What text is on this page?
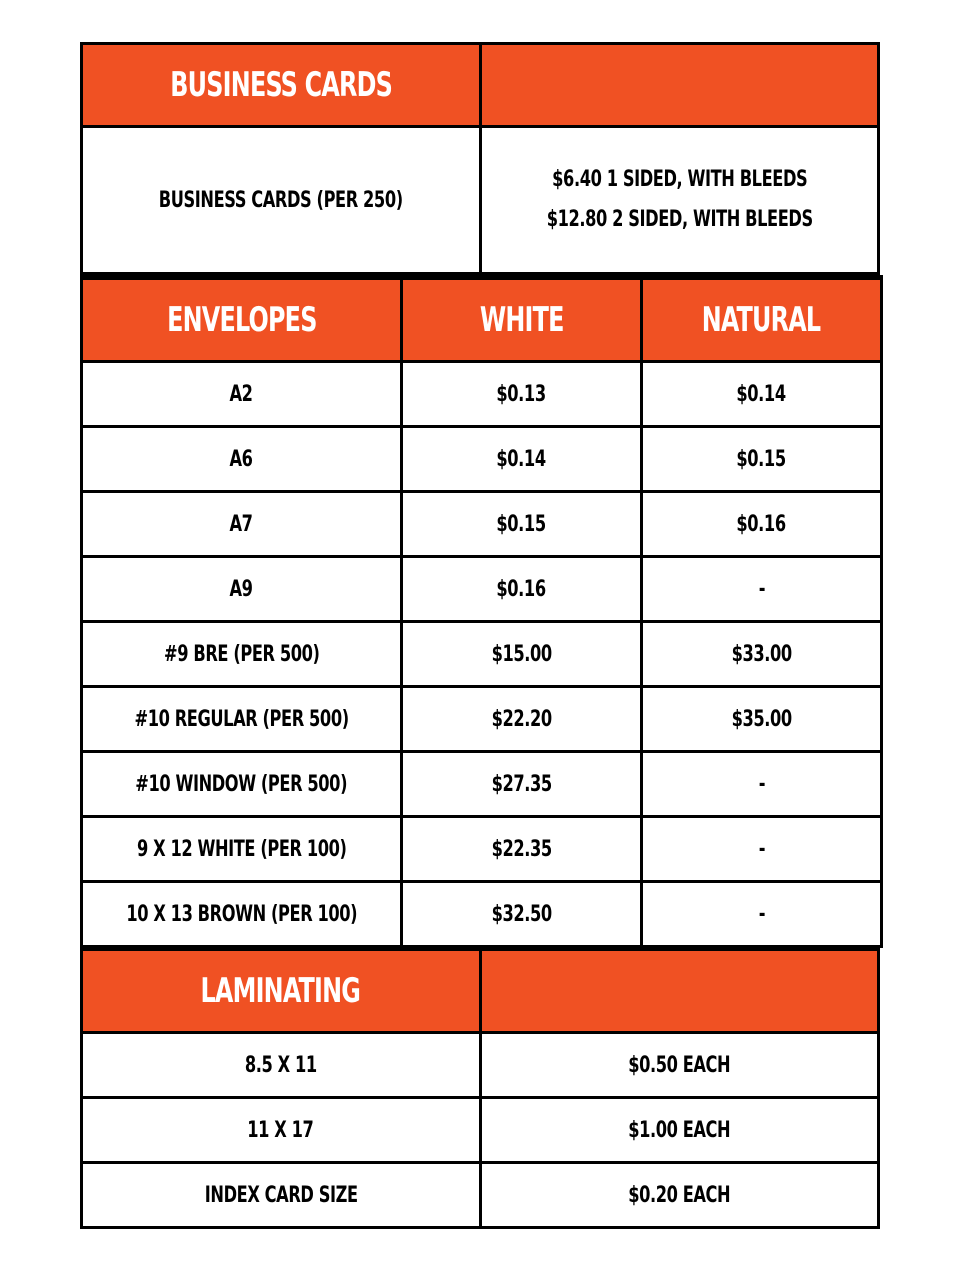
BUSINESS CARDS	
BUSINESS CARDS (PER 250)	$6.40 1 SIDED, WITH BLEEDS
$12.80 2 SIDED, WITH BLEEDS
ENVELOPES	WHITE	NATURAL
A2	$0.13	$0.14
A6	$0.14	$0.15
A7	$0.15	$0.16
A9	$0.16	-
#9 BRE (PER 500)	$15.00	$33.00
#10 REGULAR (PER 500)	$22.20	$35.00
#10 WINDOW (PER 500)	$27.35	-
9 X 12 WHITE (PER 100)	$22.35	-
10 X 13 BROWN (PER 100)	$32.50	-
LAMINATING	
8.5 X 11	$0.50 EACH
11 X 17	$1.00 EACH
INDEX CARD SIZE	$0.20 EACH
